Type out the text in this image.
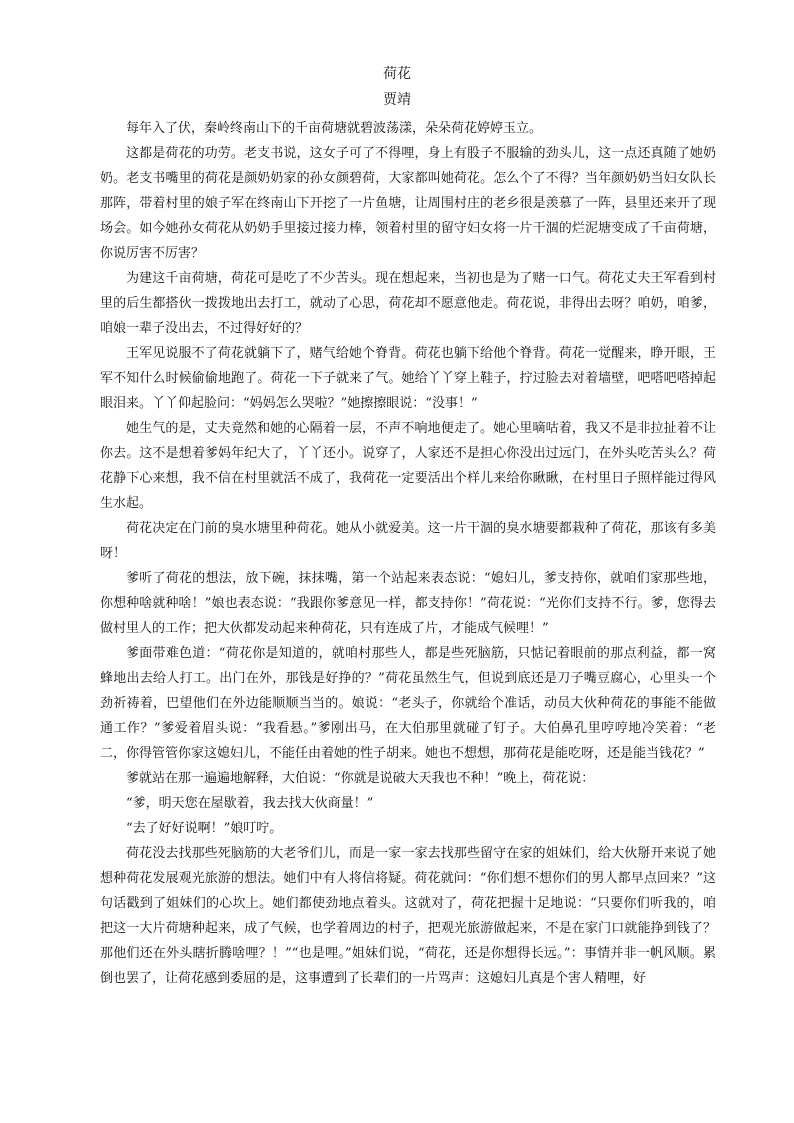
荷花
贾靖

每年入了伏，秦岭终南山下的千亩荷塘就碧波荡漾，朵朵荷花婷婷玉立。

这都是荷花的功劳。老支书说，这女子可了不得哩，身上有股子不服输的劲头儿，这一点还真随了她奶奶。老支书嘴里的荷花是颜奶奶家的孙女颜碧荷，大家都叫她荷花。怎么个了不得？当年颜奶奶当妇女队长那阵，带着村里的娘子军在终南山下开挖了一片鱼塘，让周围村庄的老乡很是羡慕了一阵，县里还来开了现场会。如今她孙女荷花从奶奶手里接过接力棒，领着村里的留守妇女将一片干涸的烂泥塘变成了千亩荷塘，你说厉害不厉害？

为建这千亩荷塘，荷花可是吃了不少苦头。现在想起来，当初也是为了赌一口气。荷花丈夫王军看到村里的后生都搭伙一拨拨地出去打工，就动了心思，荷花却不愿意他走。荷花说，非得出去呀？咱奶，咱爹，咱娘一辈子没出去，不过得好好的？

王军见说服不了荷花就躺下了，赌气给她个脊背。荷花也躺下给他个脊背。荷花一觉醒来，睁开眼，王军不知什么时候偷偷地跑了。荷花一下子就来了气。她给丫丫穿上鞋子，拧过脸去对着墙壁，吧嗒吧嗒掉起眼泪来。丫丫仰起脸问：“妈妈怎么哭啦？”她擦擦眼说：“没事！”

她生气的是，丈夫竟然和她的心隔着一层，不声不响地便走了。她心里嘀咕着，我又不是非拉扯着不让你去。这不是想着爹妈年纪大了，丫丫还小。说穿了，人家还不是担心你没出过远门，在外头吃苦头么？荷花静下心来想，我不信在村里就活不成了，我荷花一定要活出个样儿来给你瞅瞅，在村里日子照样能过得风生水起。

荷花决定在门前的臭水塘里种荷花。她从小就爱美。这一片干涸的臭水塘要都栽种了荷花，那该有多美呀！

爹听了荷花的想法，放下碗，抹抹嘴，第一个站起来表态说：“媳妇儿，爹支持你，就咱们家那些地，你想种啥就种啥！”娘也表态说：“我跟你爹意见一样，都支持你！”荷花说：“光你们支持不行。爹，您得去做村里人的工作；把大伙都发动起来种荷花，只有连成了片，才能成气候哩！”

爹面带难色道：“荷花你是知道的，就咱村那些人，都是些死脑筋，只惦记着眼前的那点利益，都一窝蜂地出去给人打工。出门在外，那钱是好挣的？”荷花虽然生气，但说到底还是刀子嘴豆腐心，心里头一个劲祈祷着，巴望他们在外边能顺顺当当的。娘说：“老头子，你就给个准话，动员大伙种荷花的事能不能做通工作？”爹爱着眉头说：“我看悬。”爹刚出马，在大伯那里就碰了钉子。大伯鼻孔里哼哼地冷笑着：“老二，你得管管你家这媳妇儿，不能任由着她的性子胡来。她也不想想，那荷花是能吃呀，还是能当钱花？”

爹就站在那一遍遍地解释，大伯说：“你就是说破大天我也不种！”晚上，荷花说：

“爹，明天您在屋歇着，我去找大伙商量！”

“去了好好说啊！”娘叮咛。

荷花没去找那些死脑筋的大老爷们儿，而是一家一家去找那些留守在家的姐妹们，给大伙掰开来说了她想种荷花发展观光旅游的想法。她们中有人将信将疑。荷花就问：“你们想不想你们的男人都早点回来？”这句话戳到了姐妹们的心坎上。她们都使劲地点着头。这就对了，荷花把握十足地说：“只要你们听我的，咱把这一大片荷塘种起来，成了气候，也学着周边的村子，把观光旅游做起来，不是在家门口就能挣到钱了？那他们还在外头瞎折腾啥哩？！”“也是哩。”姐妹们说，“荷花，还是你想得长远。”：事情并非一帆风顺。累倒也罢了，让荷花感到委屈的是，这事遭到了长辈们的一片骂声：这媳妇儿真是个害人精哩，好
